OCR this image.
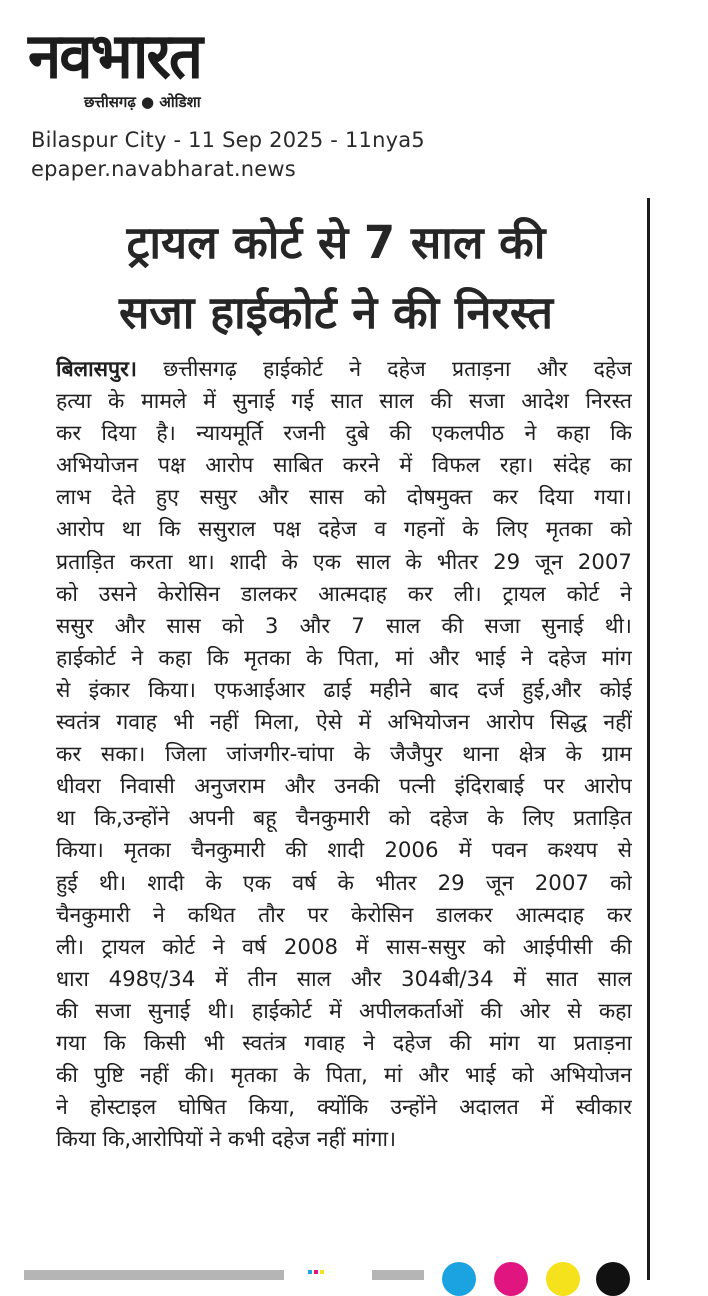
नवभारत
छत्तीसगढ़ ● ओडिशा
Bilaspur City - 11 Sep 2025 - 11nya5
epaper.navabharat.news
ट्रायल कोर्ट से 7 साल की
सजा हाईकोर्ट ने की निरस्त
बिलासपुर। छत्तीसगढ़ हाईकोर्ट ने दहेज प्रताड़ना और दहेज
हत्या के मामले में सुनाई गई सात साल की सजा आदेश निरस्त
कर दिया है। न्यायमूर्ति रजनी दुबे की एकलपीठ ने कहा कि
अभियोजन पक्ष आरोप साबित करने में विफल रहा। संदेह का
लाभ देते हुए ससुर और सास को दोषमुक्त कर दिया गया।
आरोप था कि ससुराल पक्ष दहेज व गहनों के लिए मृतका को
प्रताड़ित करता था। शादी के एक साल के भीतर 29 जून 2007
को उसने केरोसिन डालकर आत्मदाह कर ली। ट्रायल कोर्ट ने
ससुर और सास को 3 और 7 साल की सजा सुनाई थी।
हाईकोर्ट ने कहा कि मृतका के पिता, मां और भाई ने दहेज मांग
से इंकार किया। एफआईआर ढाई महीने बाद दर्ज हुई,और कोई
स्वतंत्र गवाह भी नहीं मिला, ऐसे में अभियोजन आरोप सिद्ध नहीं
कर सका। जिला जांजगीर-चांपा के जैजैपुर थाना क्षेत्र के ग्राम
धीवरा निवासी अनुजराम और उनकी पत्नी इंदिराबाई पर आरोप
था कि,उन्होंने अपनी बहू चैनकुमारी को दहेज के लिए प्रताड़ित
किया। मृतका चैनकुमारी की शादी 2006 में पवन कश्यप से
हुई थी। शादी के एक वर्ष के भीतर 29 जून 2007 को
चैनकुमारी ने कथित तौर पर केरोसिन डालकर आत्मदाह कर
ली। ट्रायल कोर्ट ने वर्ष 2008 में सास-ससुर को आईपीसी की
धारा 498ए/34 में तीन साल और 304बी/34 में सात साल
की सजा सुनाई थी। हाईकोर्ट में अपीलकर्ताओं की ओर से कहा
गया कि किसी भी स्वतंत्र गवाह ने दहेज की मांग या प्रताड़ना
की पुष्टि नहीं की। मृतका के पिता, मां और भाई को अभियोजन
ने होस्टाइल घोषित किया, क्योंकि उन्होंने अदालत में स्वीकार
किया कि,आरोपियों ने कभी दहेज नहीं मांगा।
